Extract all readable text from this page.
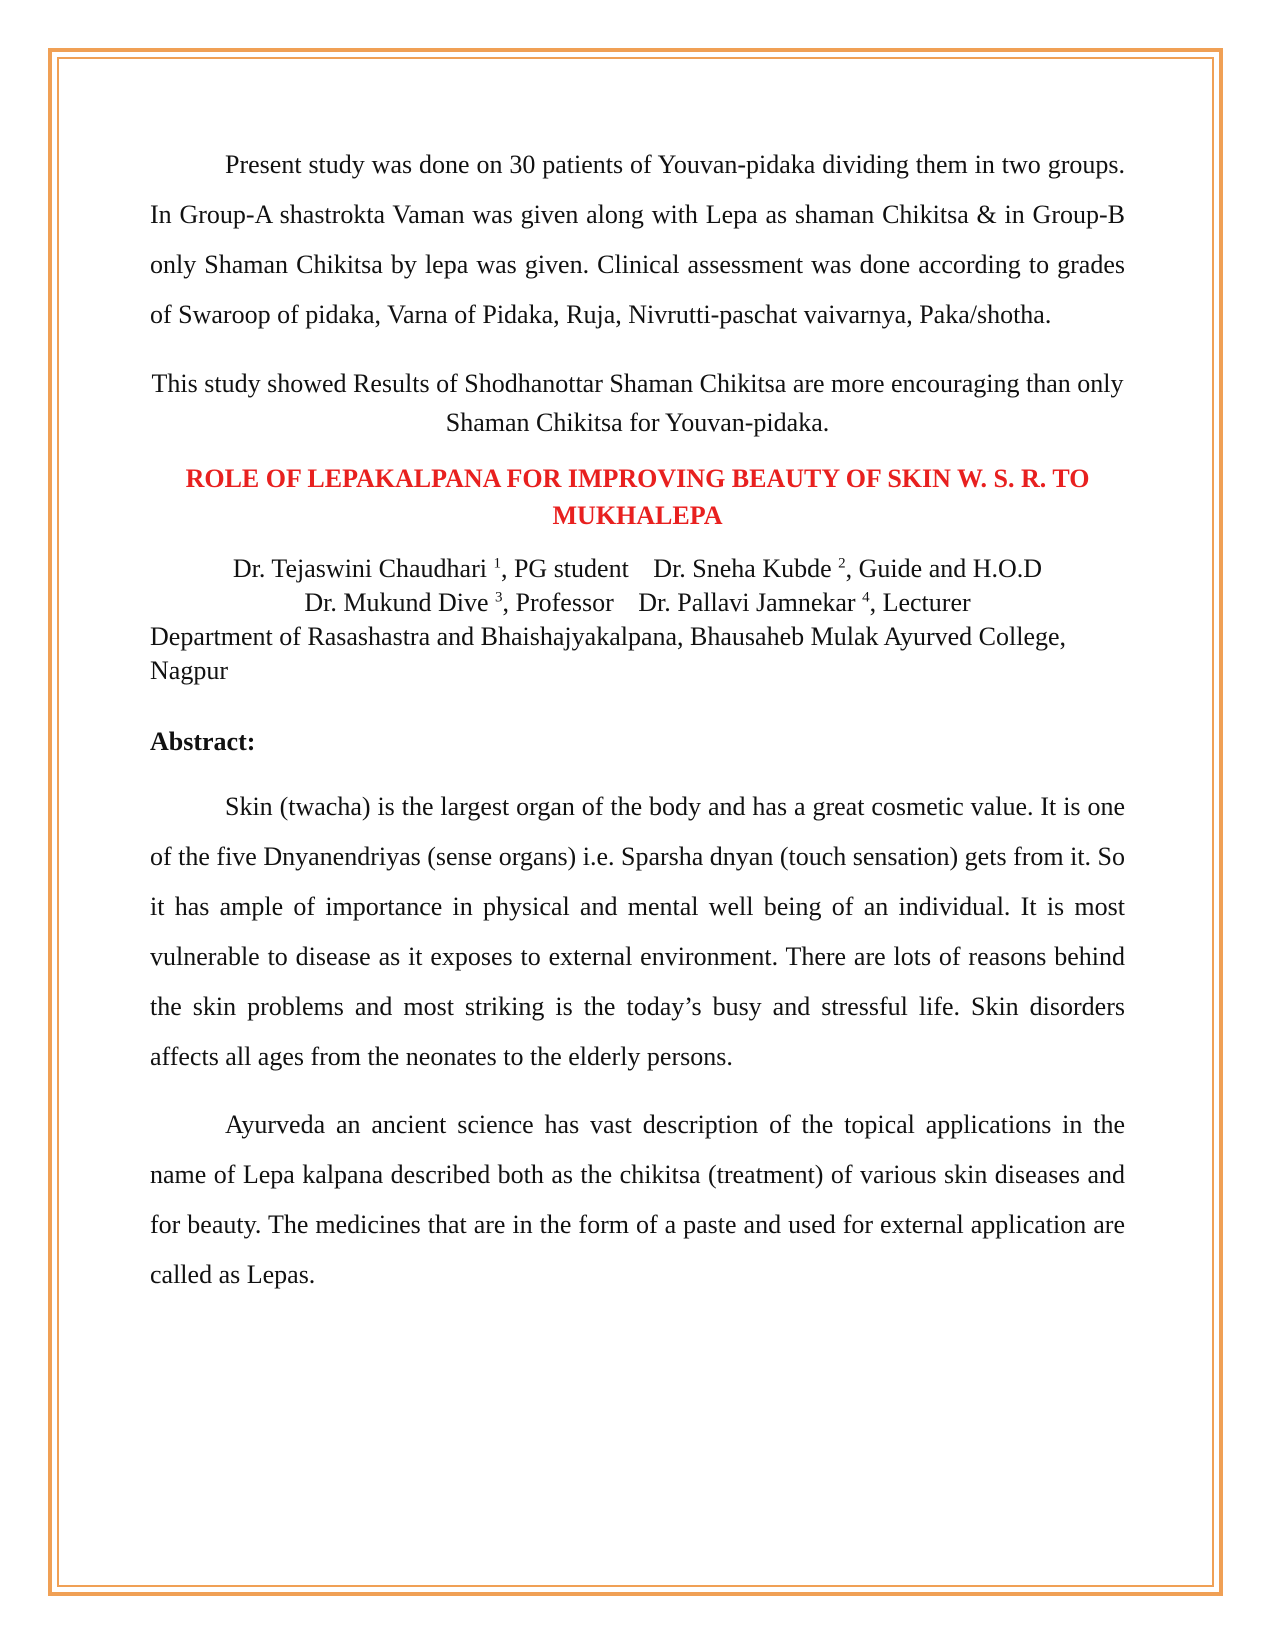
Present study was done on 30 patients of Youvan-pidaka dividing them in two groups. In Group-A shastrokta Vaman was given along with Lepa as shaman Chikitsa & in Group-B only Shaman Chikitsa by lepa was given. Clinical assessment was done according to grades of Swaroop of pidaka, Varna of Pidaka, Ruja, Nivrutti-paschat vaivarnya, Paka/shotha.

This study showed Results of Shodhanottar Shaman Chikitsa are more encouraging than only Shaman Chikitsa for Youvan-pidaka.

ROLE OF LEPAKALPANA FOR IMPROVING BEAUTY OF SKIN W. S. R. TO MUKHALEPA
Dr. Tejaswini Chaudhari $^1$, PG student Dr. Sneha Kubde $^2$, Guide and H.O.D
Dr. Mukund Dive $^3$, Professor Dr. Pallavi Jamnekar $^4$, Lecturer

Department of Rasashastra and Bhaishajyakalpana, Bhausaheb Mulak Ayurved College, Nagpur

Abstract:

Skin (twacha) is the largest organ of the body and has a great cosmetic value. It is one of the five Dnyanendriyas (sense organs) i.e. Sparsha dnyan (touch sensation) gets from it. So it has ample of importance in physical and mental well being of an individual. It is most vulnerable to disease as it exposes to external environment. There are lots of reasons behind the skin problems and most striking is the today’s busy and stressful life. Skin disorders affects all ages from the neonates to the elderly persons.

Ayurveda an ancient science has vast description of the topical applications in the name of Lepa kalpana described both as the chikitsa (treatment) of various skin diseases and for beauty. The medicines that are in the form of a paste and used for external application are called as Lepas.
